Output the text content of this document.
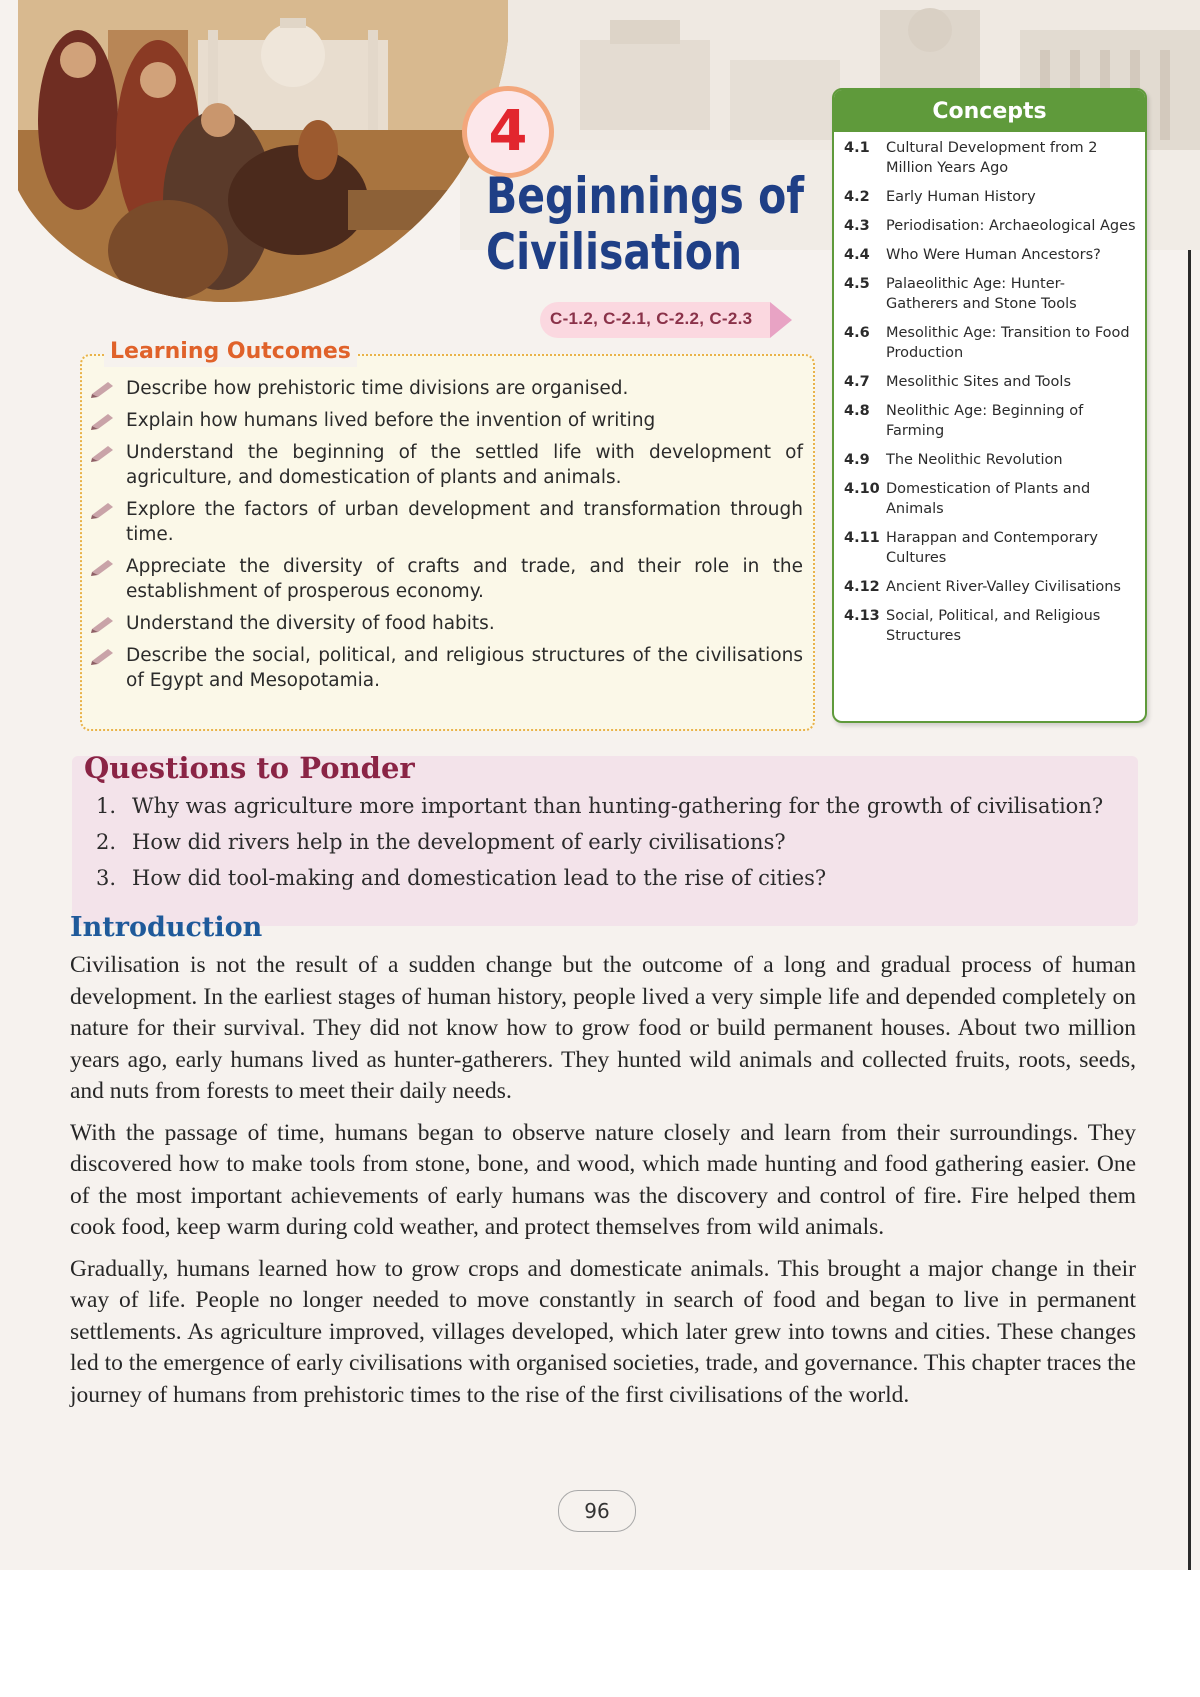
4
Beginnings of
Civilisation
C-1.2, C-2.1, C-2.2, C-2.3
Learning Outcomes
Describe how prehistoric time divisions are organised.
Explain how humans lived before the invention of writing
Understand the beginning of the settled life with development of agriculture, and domestication of plants and animals.
Explore the factors of urban development and transformation through time.
Appreciate the diversity of crafts and trade, and their role in the establishment of prosperous economy.
Understand the diversity of food habits.
Describe the social, political, and religious structures of the civilisations of Egypt and Mesopotamia.
Concepts
4.1	Cultural Development from 2 Million Years Ago
4.2	Early Human History
4.3	Periodisation: Archaeological Ages
4.4	Who Were Human Ancestors?
4.5	Palaeolithic Age: Hunter-Gatherers and Stone Tools
4.6	Mesolithic Age: Transition to Food Production
4.7	Mesolithic Sites and Tools
4.8	Neolithic Age: Beginning of Farming
4.9	The Neolithic Revolution
4.10 Domestication of Plants and Animals
4.11 Harappan and Contemporary Cultures
4.12 Ancient River-Valley Civilisations
4.13 Social, Political, and Religious Structures
Questions to Ponder
1. Why was agriculture more important than hunting-gathering for the growth of civilisation?
2. How did rivers help in the development of early civilisations?
3. How did tool-making and domestication lead to the rise of cities?
Introduction

Civilisation is not the result of a sudden change but the outcome of a long and gradual process of human development. In the earliest stages of human history, people lived a very simple life and depended completely on nature for their survival. They did not know how to grow food or build permanent houses. About two million years ago, early humans lived as hunter-gatherers. They hunted wild animals and collected fruits, roots, seeds, and nuts from forests to meet their daily needs.

With the passage of time, humans began to observe nature closely and learn from their surroundings. They discovered how to make tools from stone, bone, and wood, which made hunting and food gathering easier. One of the most important achievements of early humans was the discovery and control of fire. Fire helped them cook food, keep warm during cold weather, and protect themselves from wild animals.

Gradually, humans learned how to grow crops and domesticate animals. This brought a major change in their way of life. People no longer needed to move constantly in search of food and began to live in permanent settlements. As agriculture improved, villages developed, which later grew into towns and cities. These changes led to the emergence of early civilisations with organised societies, trade, and governance. This chapter traces the journey of humans from prehistoric times to the rise of the first civilisations of the world.

96
